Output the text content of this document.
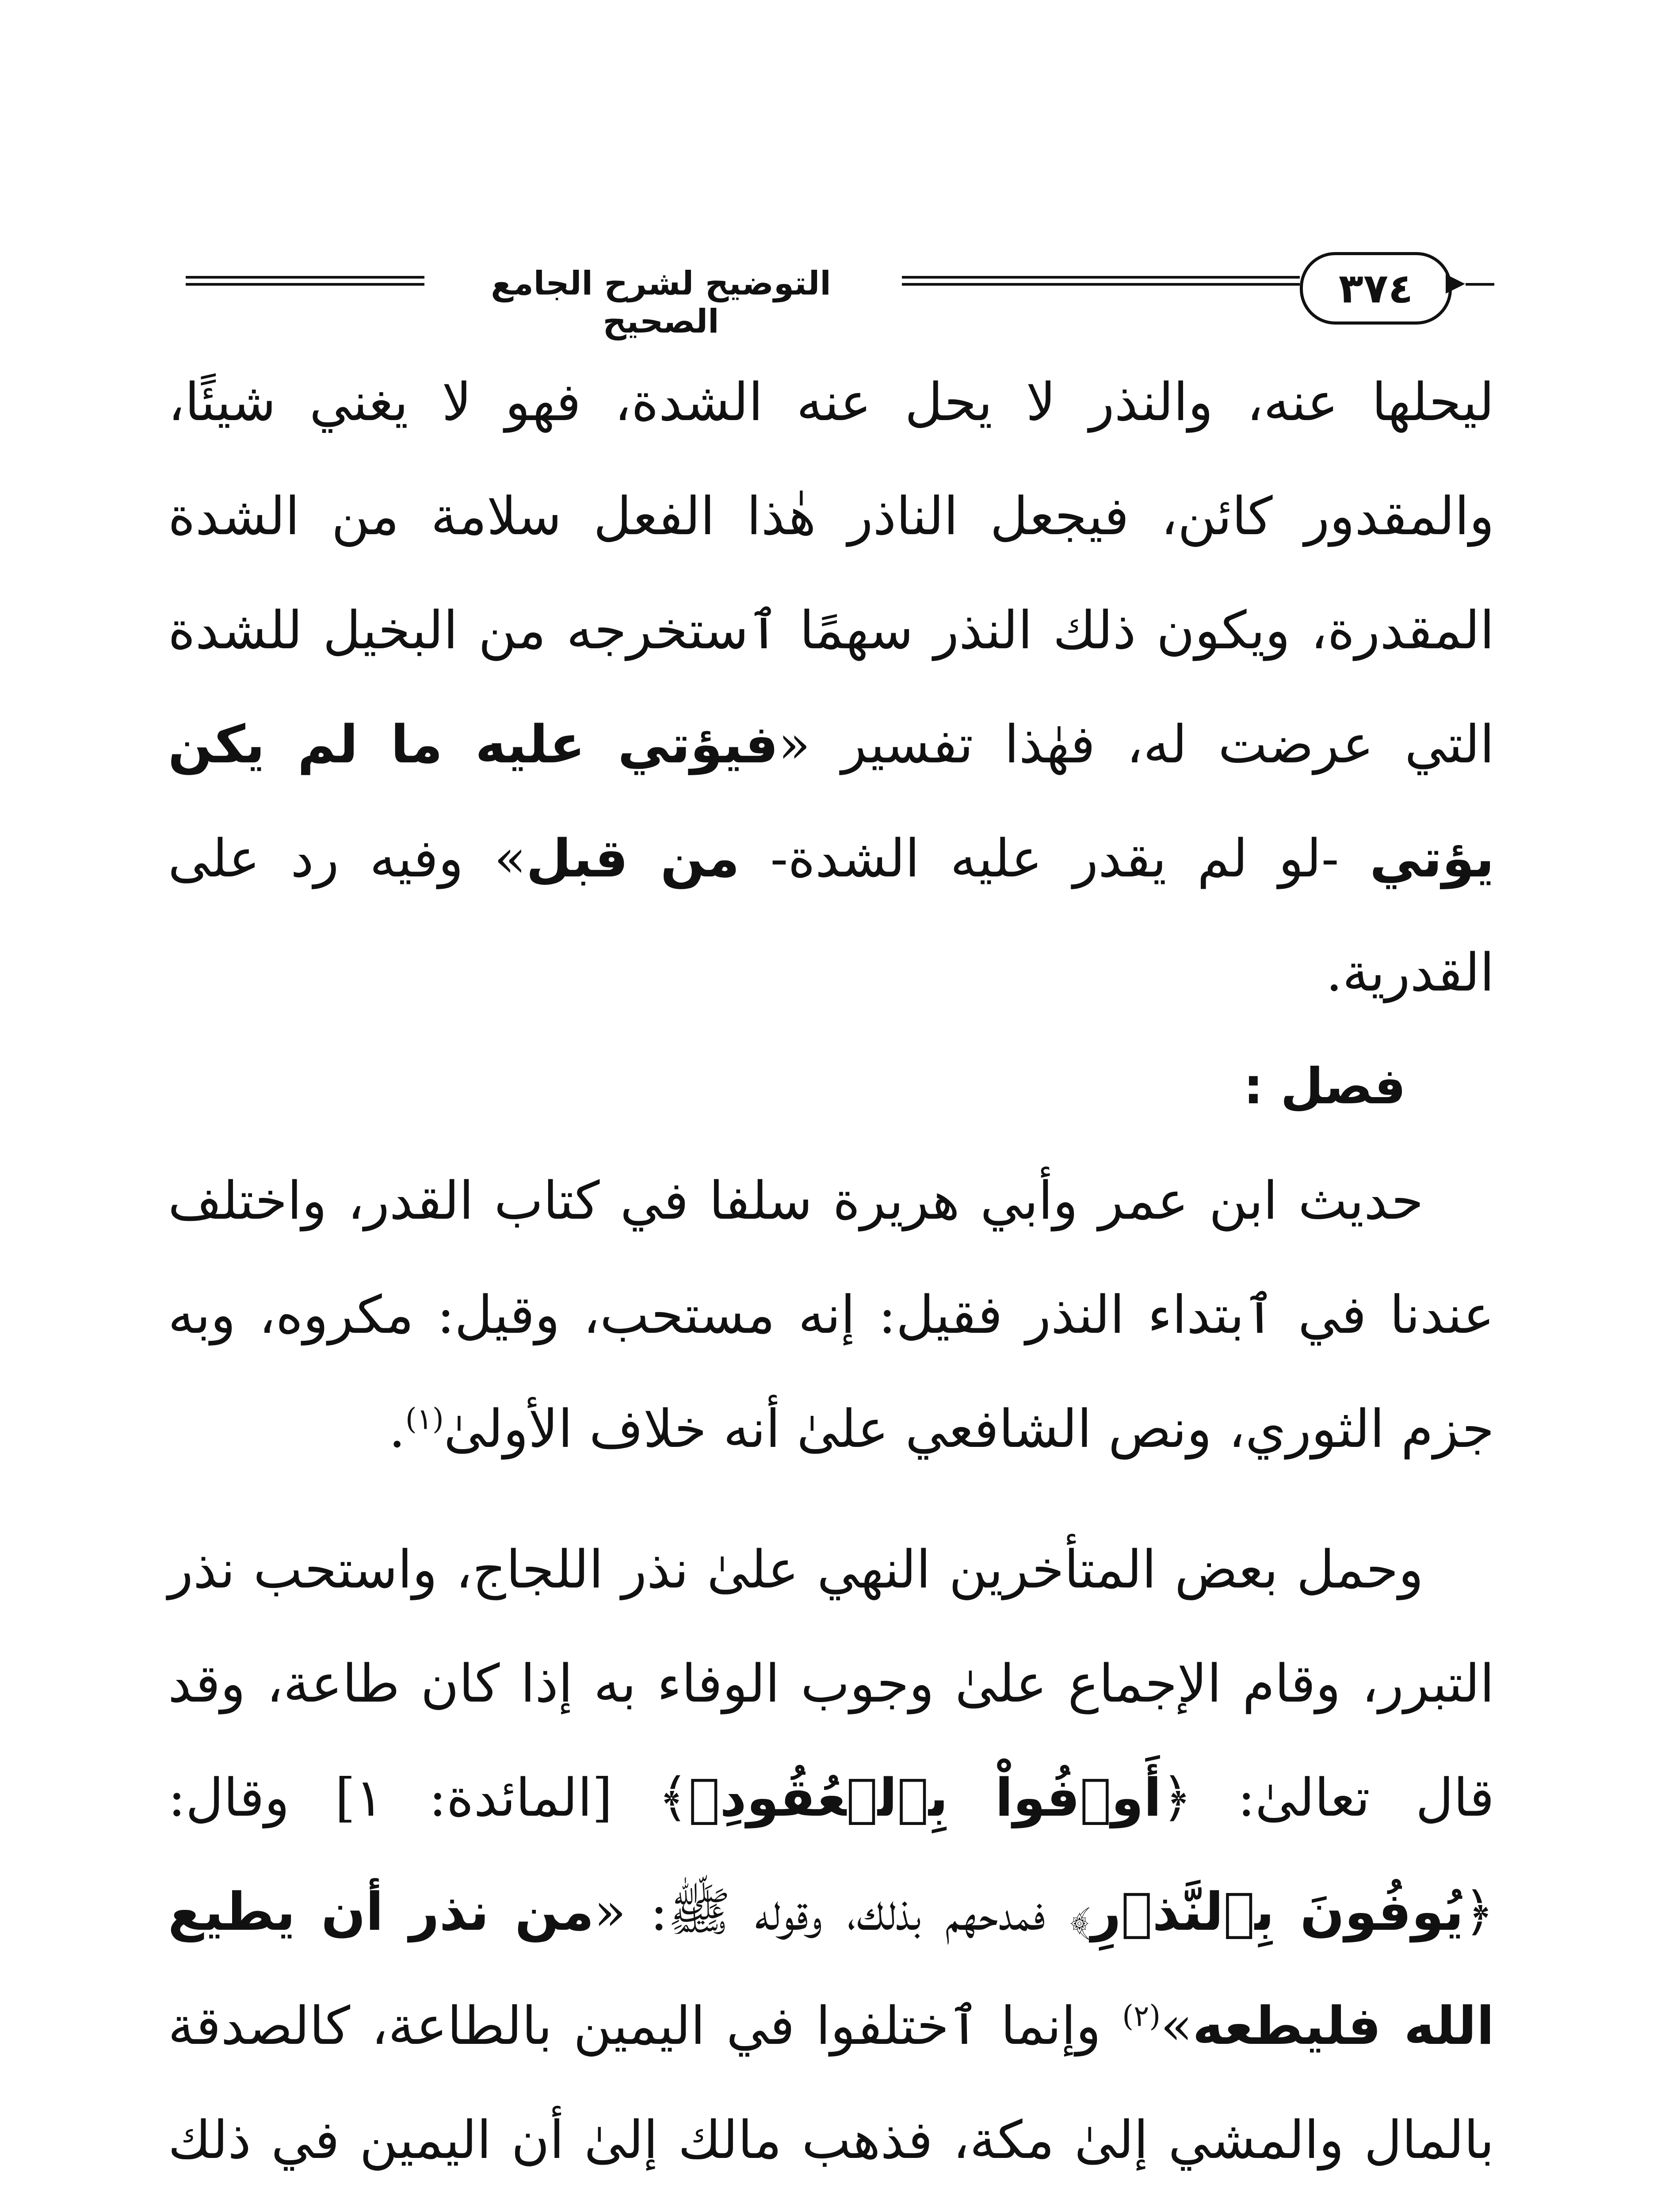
التوضيح لشرح الجامع الصحيح
٣٧٤

ليحلها عنه، والنذر لا يحل عنه الشدة، فهو لا يغني شيئًا، والمقدور كائن، فيجعل الناذر هٰذا الفعل سلامة من الشدة المقدرة، ويكون ذلك النذر سهمًا ٱستخرجه من البخيل للشدة التي عرضت له، فهٰذا تفسير «فيؤتي عليه ما لم يكن يؤتي -لو لم يقدر عليه الشدة- من قبل» وفيه رد على القدرية.

فصل :

حديث ابن عمر وأبي هريرة سلفا في كتاب القدر، واختلف عندنا في ٱبتداء النذر فقيل: إنه مستحب، وقيل: مكروه، وبه جزم الثوري، ونص الشافعي علىٰ أنه خلاف الأولىٰ$^{(١)}$.

وحمل بعض المتأخرين النهي علىٰ نذر اللجاج، واستحب نذر التبرر، وقام الإجماع علىٰ وجوب الوفاء به إذا كان طاعة، وقد قال تعالىٰ: ﴿أَوۡفُواْ بِٱلۡعُقُودِۚ﴾ [المائدة: ١] وقال: ﴿يُوفُونَ بِٱلنَّذۡرِ﴾ فمدحهم بذلك، وقوله ﷺ: «من نذر أن يطيع الله فليطعه»$^{(٢)}$ وإنما ٱختلفوا في اليمين بالطاعة، كالصدقة بالمال والمشي إلىٰ مكة، فذهب مالك إلىٰ أن اليمين في ذلك
